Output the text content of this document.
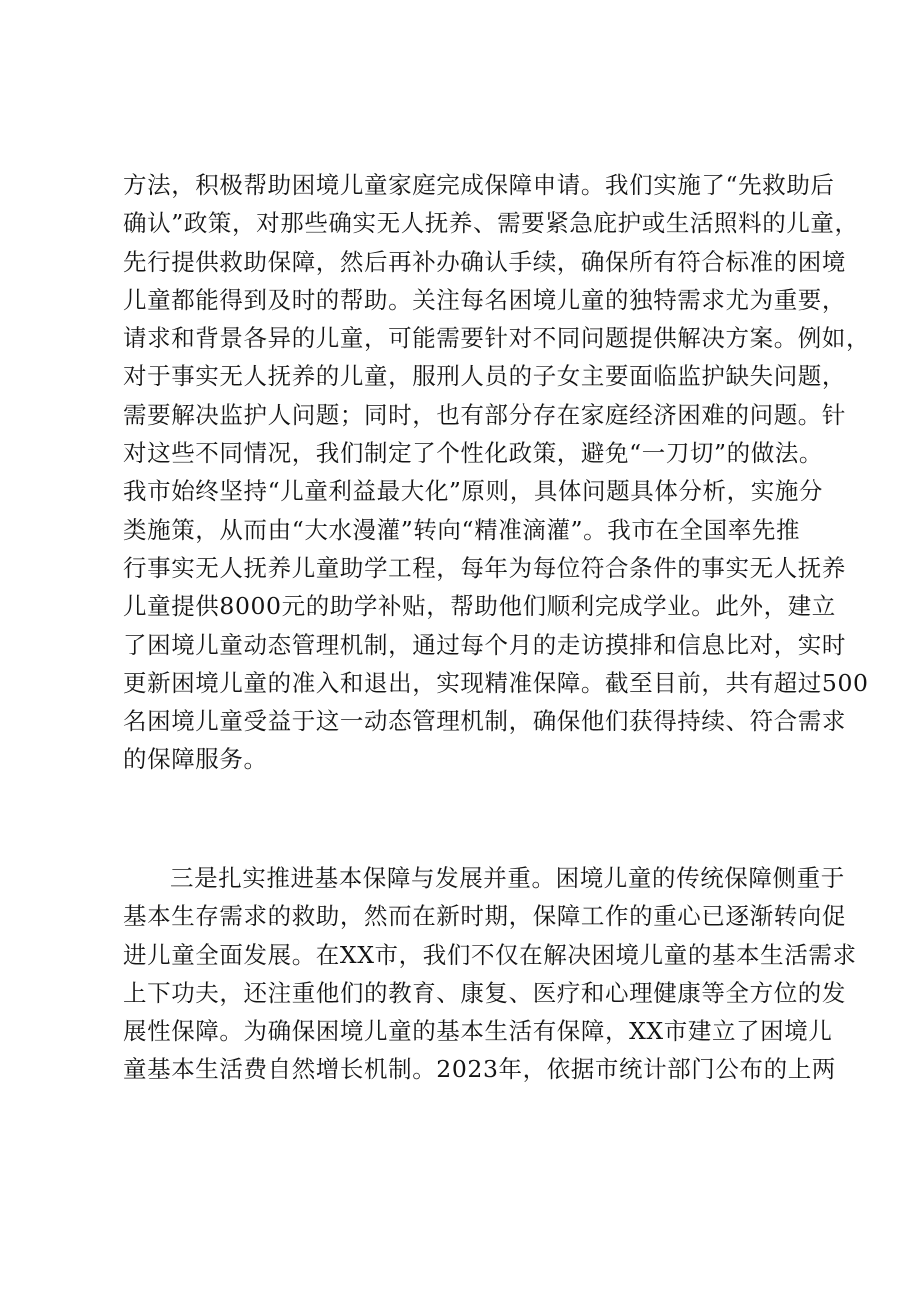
方法，积极帮助困境儿童家庭完成保障申请。我们实施了“先救助后
确认”政策，对那些确实无人抚养、需要紧急庇护或生活照料的儿童，
先行提供救助保障，然后再补办确认手续，确保所有符合标准的困境
儿童都能得到及时的帮助。关注每名困境儿童的独特需求尤为重要，
请求和背景各异的儿童，可能需要针对不同问题提供解决方案。例如，
对于事实无人抚养的儿童，服刑人员的子女主要面临监护缺失问题，
需要解决监护人问题；同时，也有部分存在家庭经济困难的问题。针
对这些不同情况，我们制定了个性化政策，避免“一刀切”的做法。
我市始终坚持“儿童利益最大化”原则，具体问题具体分析，实施分
类施策，从而由“大水漫灌”转向“精准滴灌”。我市在全国率先推
行事实无人抚养儿童助学工程，每年为每位符合条件的事实无人抚养
儿童提供8000元的助学补贴，帮助他们顺利完成学业。此外，建立
了困境儿童动态管理机制，通过每个月的走访摸排和信息比对，实时
更新困境儿童的准入和退出，实现精准保障。截至目前，共有超过500
名困境儿童受益于这一动态管理机制，确保他们获得持续、符合需求
的保障服务。
三是扎实推进基本保障与发展并重。困境儿童的传统保障侧重于
基本生存需求的救助，然而在新时期，保障工作的重心已逐渐转向促
进儿童全面发展。在XX市，我们不仅在解决困境儿童的基本生活需求
上下功夫，还注重他们的教育、康复、医疗和心理健康等全方位的发
展性保障。为确保困境儿童的基本生活有保障，XX市建立了困境儿
童基本生活费自然增长机制。2023年，依据市统计部门公布的上两
